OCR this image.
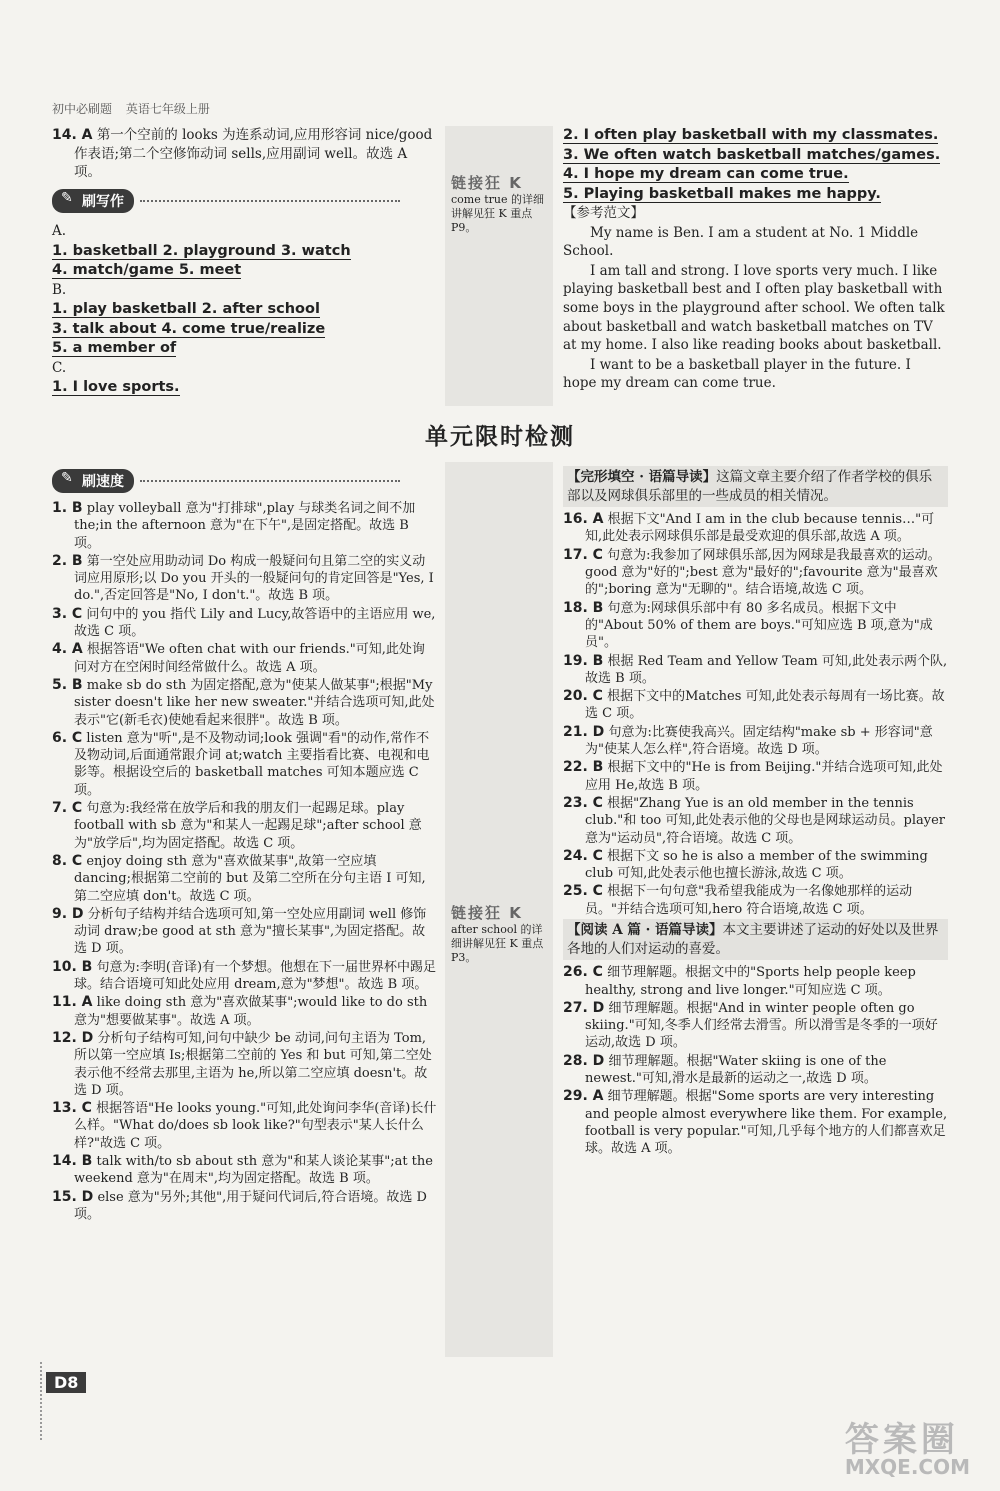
初中必刷题 英语七年级上册

14. A 第一个空前的 looks 为连系动词,应用形容词 nice/good 作表语;第二个空修饰动词 sells,应用副词 well。故选 A 项。

✎ 刷写作

A.

1. basketball 2. playground 3. watch

4. match/game 5. meet

B.

1. play basketball 2. after school

3. talk about 4. come true/realize

5. a member of

C.

1. I love sports.

链接狂 K
come true 的详细讲解见狂 K 重点 P9。

2. I often play basketball with my classmates.

3. We often watch basketball matches/games.

4. I hope my dream can come true.

5. Playing basketball makes me happy.

【参考范文】

My name is Ben. I am a student at No. 1 Middle School.

I am tall and strong. I love sports very much. I like playing basketball best and I often play basketball with some boys in the playground after school. We often talk about basketball and watch basketball matches on TV at my home. I also like reading books about basketball.

I want to be a basketball player in the future. I hope my dream can come true.

单元限时检测
✎ 刷速度

1. B play volleyball 意为"打排球",play 与球类名词之间不加 the;in the afternoon 意为"在下午",是固定搭配。故选 B 项。

2. B 第一空处应用助动词 Do 构成一般疑问句且第二空的实义动词应用原形;以 Do you 开头的一般疑问句的肯定回答是"Yes, I do.",否定回答是"No, I don't."。故选 B 项。

3. C 问句中的 you 指代 Lily and Lucy,故答语中的主语应用 we,故选 C 项。

4. A 根据答语"We often chat with our friends."可知,此处询问对方在空闲时间经常做什么。故选 A 项。

5. B make sb do sth 为固定搭配,意为"使某人做某事";根据"My sister doesn't like her new sweater."并结合选项可知,此处表示"它(新毛衣)使她看起来很胖"。故选 B 项。

6. C listen 意为"听",是不及物动词;look 强调"看"的动作,常作不及物动词,后面通常跟介词 at;watch 主要指看比赛、电视和电影等。根据设空后的 basketball matches 可知本题应选 C 项。

7. C 句意为:我经常在放学后和我的朋友们一起踢足球。play football with sb 意为"和某人一起踢足球";after school 意为"放学后",均为固定搭配。故选 C 项。

8. C enjoy doing sth 意为"喜欢做某事",故第一空应填 dancing;根据第二空前的 but 及第二空所在分句主语 I 可知,第二空应填 don't。故选 C 项。

9. D 分析句子结构并结合选项可知,第一空处应用副词 well 修饰动词 draw;be good at sth 意为"擅长某事",为固定搭配。故选 D 项。

10. B 句意为:李明(音译)有一个梦想。他想在下一届世界杯中踢足球。结合语境可知此处应用 dream,意为"梦想"。故选 B 项。

11. A like doing sth 意为"喜欢做某事";would like to do sth 意为"想要做某事"。故选 A 项。

12. D 分析句子结构可知,问句中缺少 be 动词,问句主语为 Tom,所以第一空应填 Is;根据第二空前的 Yes 和 but 可知,第二空处表示他不经常去那里,主语为 he,所以第二空应填 doesn't。故选 D 项。

13. C 根据答语"He looks young."可知,此处询问李华(音译)长什么样。"What do/does sb look like?"句型表示"某人长什么样?"故选 C 项。

14. B talk with/to sb about sth 意为"和某人谈论某事";at the weekend 意为"在周末",均为固定搭配。故选 B 项。

15. D else 意为"另外;其他",用于疑问代词后,符合语境。故选 D 项。

链接狂 K
after school 的详细讲解见狂 K 重点 P3。
【完形填空 · 语篇导读】这篇文章主要介绍了作者学校的俱乐部以及网球俱乐部里的一些成员的相关情况。

16. A 根据下文"And I am in the club because tennis…"可知,此处表示网球俱乐部是最受欢迎的俱乐部,故选 A 项。

17. C 句意为:我参加了网球俱乐部,因为网球是我最喜欢的运动。good 意为"好的";best 意为"最好的";favourite 意为"最喜欢的";boring 意为"无聊的"。结合语境,故选 C 项。

18. B 句意为:网球俱乐部中有 80 多名成员。根据下文中的"About 50% of them are boys."可知应选 B 项,意为"成员"。

19. B 根据 Red Team and Yellow Team 可知,此处表示两个队,故选 B 项。

20. C 根据下文中的Matches 可知,此处表示每周有一场比赛。故选 C 项。

21. D 句意为:比赛使我高兴。固定结构"make sb + 形容词"意为"使某人怎么样",符合语境。故选 D 项。

22. B 根据下文中的"He is from Beijing."并结合选项可知,此处应用 He,故选 B 项。

23. C 根据"Zhang Yue is an old member in the tennis club."和 too 可知,此处表示他的父母也是网球运动员。player 意为"运动员",符合语境。故选 C 项。

24. C 根据下文 so he is also a member of the swimming club 可知,此处表示他也擅长游泳,故选 C 项。

25. C 根据下一句句意"我希望我能成为一名像她那样的运动员。"并结合选项可知,hero 符合语境,故选 C 项。

【阅读 A 篇 · 语篇导读】本文主要讲述了运动的好处以及世界各地的人们对运动的喜爱。

26. C 细节理解题。根据文中的"Sports help people keep healthy, strong and live longer."可知应选 C 项。

27. D 细节理解题。根据"And in winter people often go skiing."可知,冬季人们经常去滑雪。所以滑雪是冬季的一项好运动,故选 D 项。

28. D 细节理解题。根据"Water skiing is one of the newest."可知,滑水是最新的运动之一,故选 D 项。

29. A 细节理解题。根据"Some sports are very interesting and people almost everywhere like them. For example, football is very popular."可知,几乎每个地方的人们都喜欢足球。故选 A 项。

D8
答案圈
MXQE.COM
